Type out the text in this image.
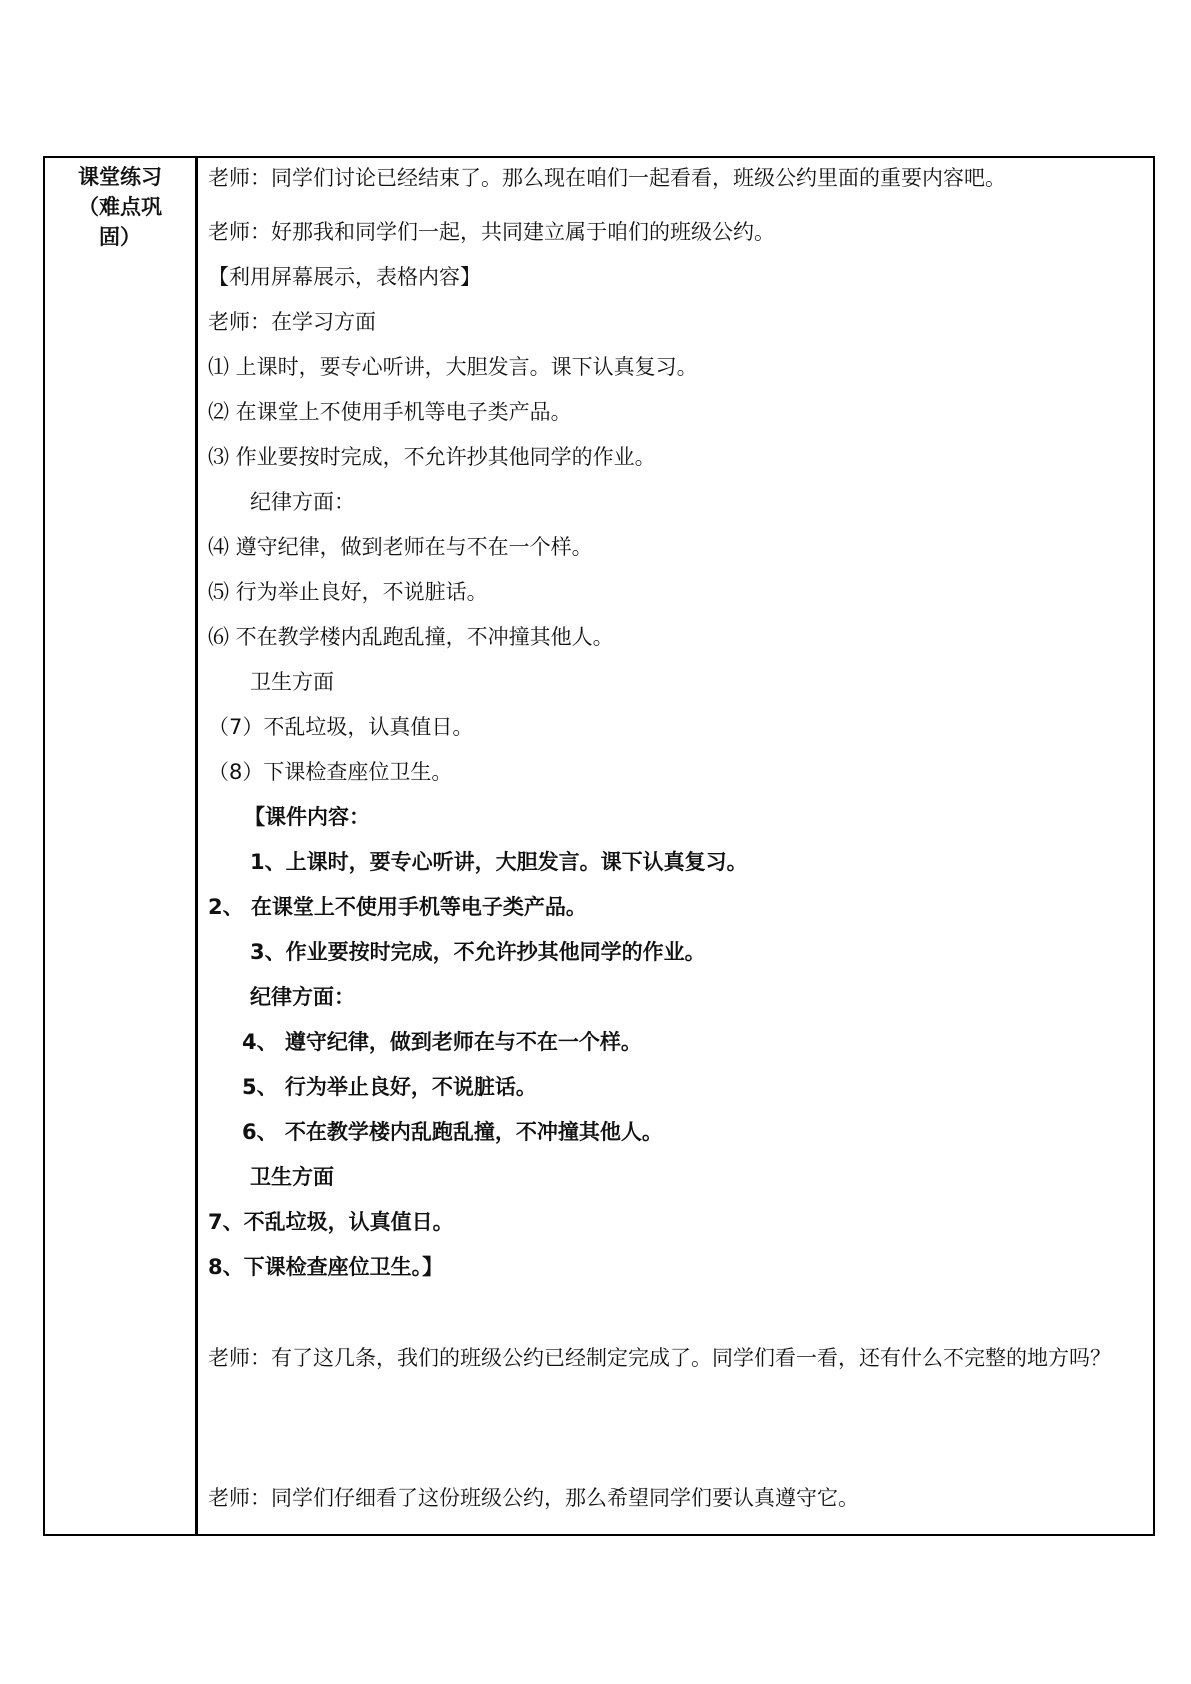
课堂练习
（难点巩
固）
老师：同学们讨论已经结束了。那么现在咱们一起看看，班级公约里面的重要内容吧。
老师：好那我和同学们一起，共同建立属于咱们的班级公约。
【利用屏幕展示，表格内容】
老师：在学习方面
⑴ 上课时，要专心听讲，大胆发言。课下认真复习。
⑵ 在课堂上不使用手机等电子类产品。
⑶ 作业要按时完成，不允许抄其他同学的作业。
纪律方面：
⑷ 遵守纪律，做到老师在与不在一个样。
⑸ 行为举止良好，不说脏话。
⑹ 不在教学楼内乱跑乱撞，不冲撞其他人。
卫生方面
（7）不乱垃圾，认真值日。
（8）下课检查座位卫生。
【课件内容：
1、上课时，要专心听讲，大胆发言。课下认真复习。
2、 在课堂上不使用手机等电子类产品。
3、作业要按时完成，不允许抄其他同学的作业。
纪律方面：
4、 遵守纪律，做到老师在与不在一个样。
5、 行为举止良好，不说脏话。
6、 不在教学楼内乱跑乱撞，不冲撞其他人。
卫生方面
7、不乱垃圾，认真值日。
8、下课检查座位卫生。】
老师：有了这几条，我们的班级公约已经制定完成了。同学们看一看，还有什么不完整的地方吗？
老师：同学们仔细看了这份班级公约，那么希望同学们要认真遵守它。
